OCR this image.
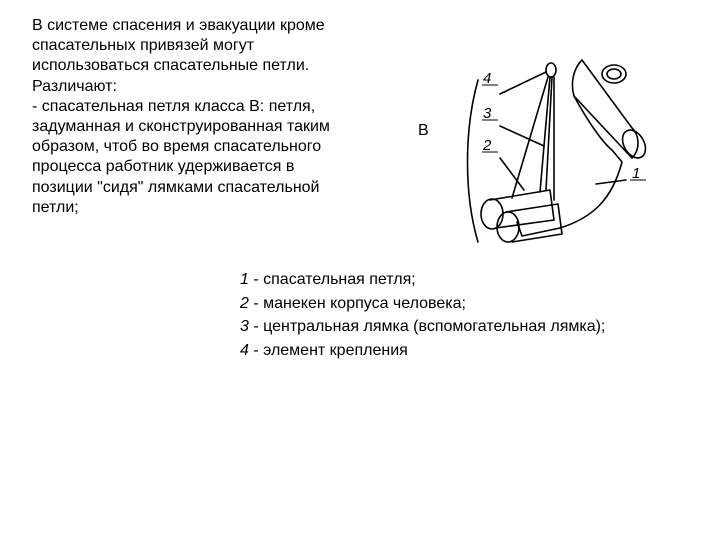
В системе спасения и эвакуации кроме

спасательных привязей могут

использоваться спасательные петли.

Различают:

- спасательная петля класса В: петля,

задуманная и сконструированная таким

образом, чтоб во время спасательного

процесса работник удерживается в

позиции "сидя" лямками спасательной

петли;

В
4
3
2
1
1 - спасательная петля;
2 - манекен корпуса человека;
3 - центральная лямка (вспомогательная лямка);
4 - элемент крепления
